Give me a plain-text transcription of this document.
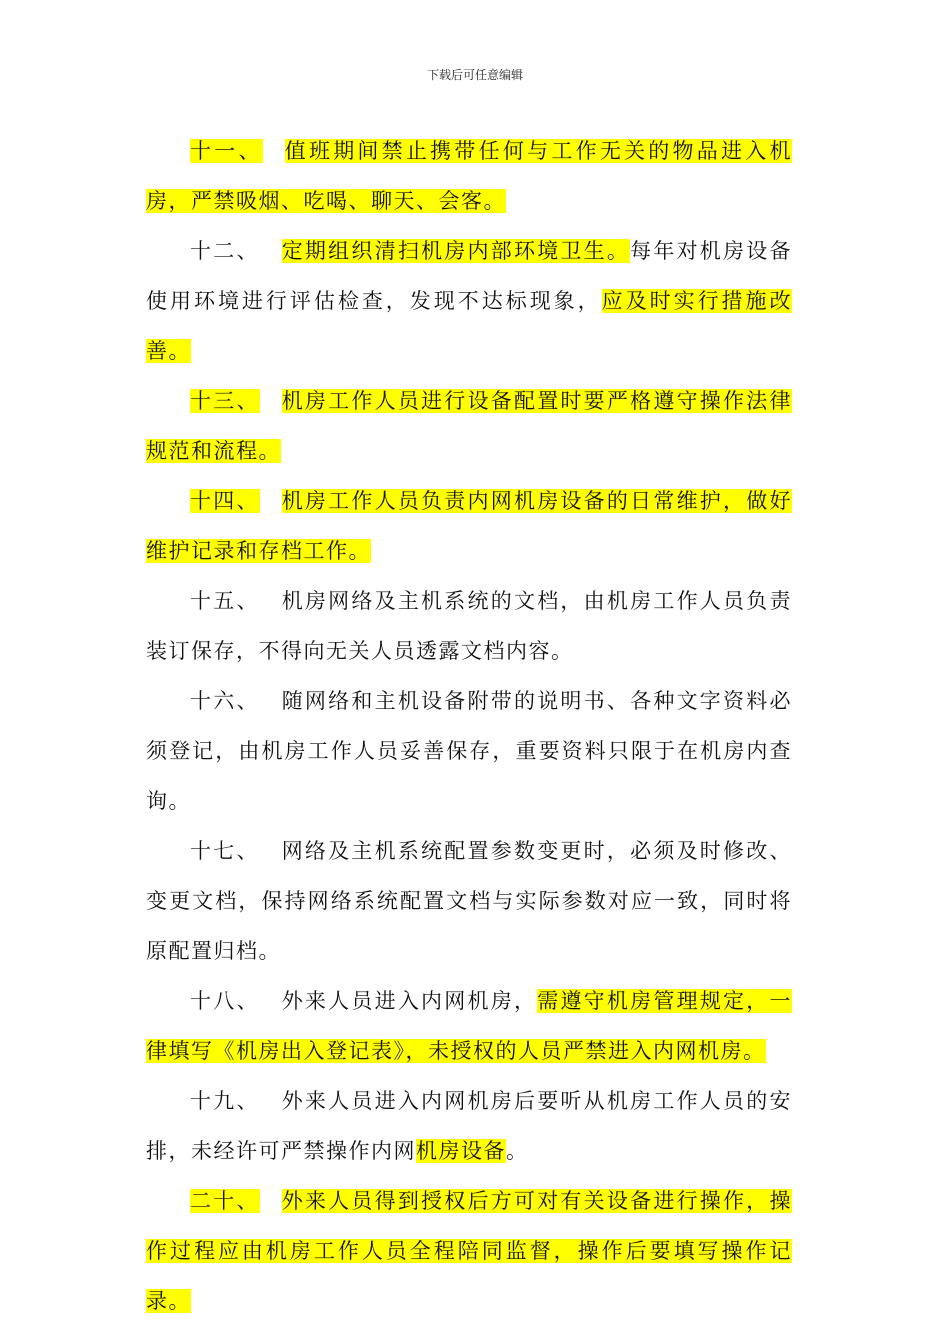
下载后可任意编辑

十一、 值班期间禁止携带任何与工作无关的物品进入机房，严禁吸烟、吃喝、聊天、会客。

十二、 定期组织清扫机房内部环境卫生。每年对机房设备使用环境进行评估检查，发现不达标现象，应及时实行措施改善。

十三、 机房工作人员进行设备配置时要严格遵守操作法律规范和流程。

十四、 机房工作人员负责内网机房设备的日常维护，做好维护记录和存档工作。

十五、 机房网络及主机系统的文档，由机房工作人员负责装订保存，不得向无关人员透露文档内容。

十六、 随网络和主机设备附带的说明书、各种文字资料必须登记，由机房工作人员妥善保存，重要资料只限于在机房内查询。

十七、 网络及主机系统配置参数变更时，必须及时修改、变更文档，保持网络系统配置文档与实际参数对应一致，同时将原配置归档。

十八、 外来人员进入内网机房，需遵守机房管理规定，一律填写《机房出入登记表》，未授权的人员严禁进入内网机房。

十九、 外来人员进入内网机房后要听从机房工作人员的安排，未经许可严禁操作内网机房设备。

二十、 外来人员得到授权后方可对有关设备进行操作，操作过程应由机房工作人员全程陪同监督，操作后要填写操作记录。
